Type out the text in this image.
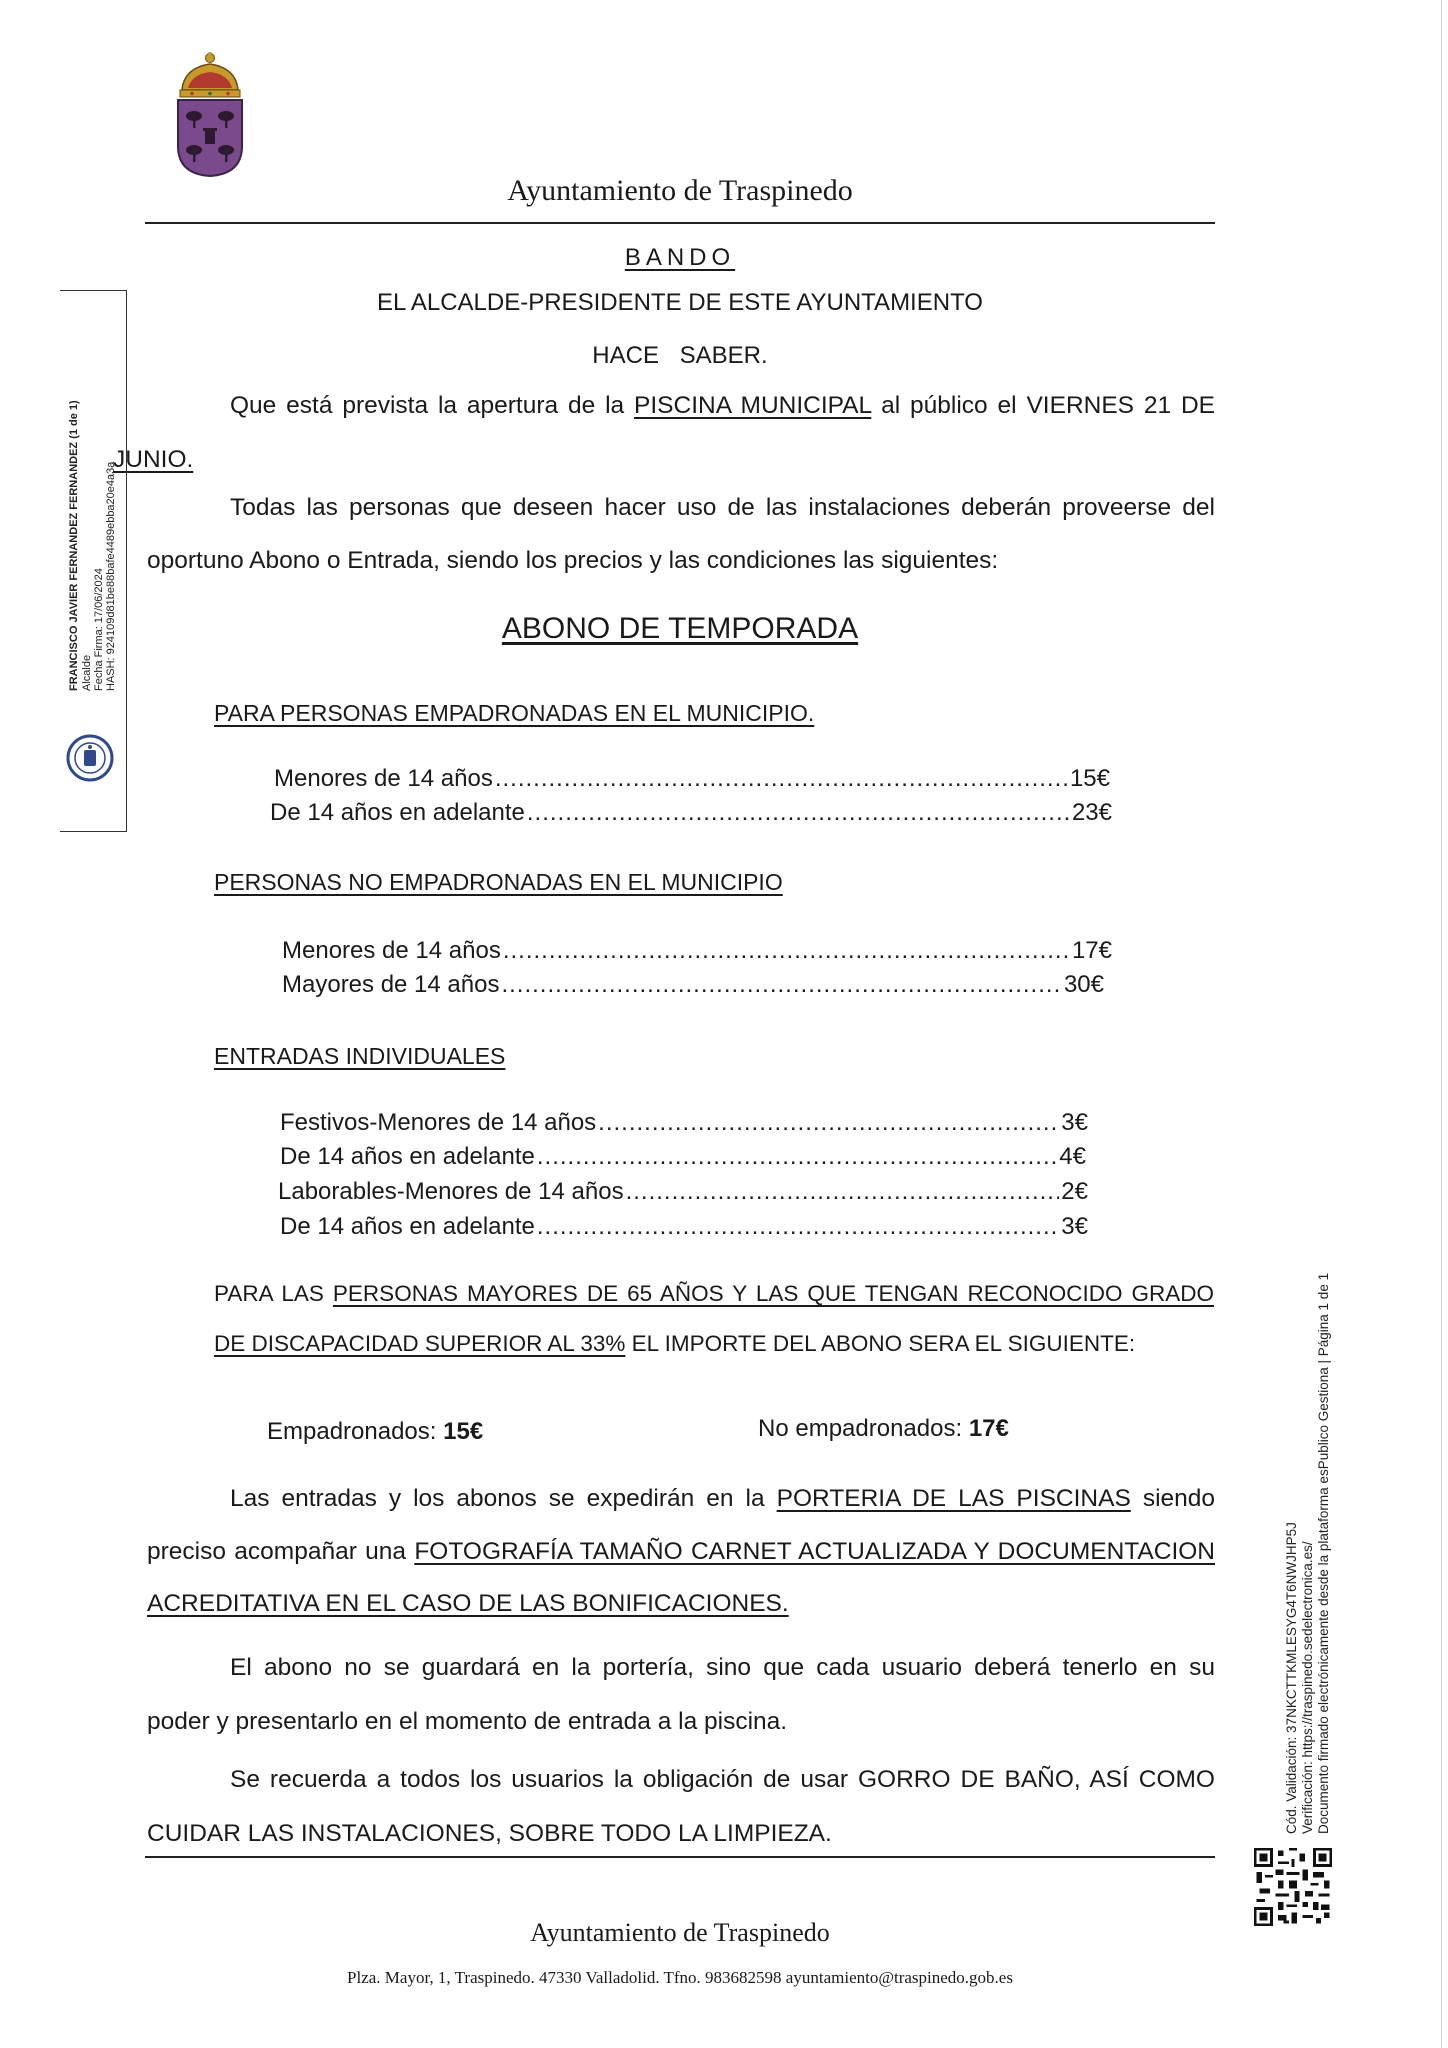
Ayuntamiento de Traspinedo
BANDO
EL ALCALDE-PRESIDENTE DE ESTE AYUNTAMIENTO
HACE SABER.
Que está prevista la apertura de la PISCINA MUNICIPAL al público el VIERNES 21 DE
JUNIO.
Todas las personas que deseen hacer uso de las instalaciones deberán proveerse del
oportuno Abono o Entrada, siendo los precios y las condiciones las siguientes:
ABONO DE TEMPORADA
PARA PERSONAS EMPADRONADAS EN EL MUNICIPIO.
Menores de 14 años .....	15€
De 14 años en adelante .....	23€
PERSONAS NO EMPADRONADAS EN EL MUNICIPIO
Menores de 14 años .....	17€
Mayores de 14 años .....	30€
ENTRADAS INDIVIDUALES
Festivos-Menores de 14 años .....	3€
De 14 años en adelante .....	4€
Laborables-Menores de 14 años .....	2€
De 14 años en adelante .....	3€
PARA LAS PERSONAS MAYORES DE 65 AÑOS Y LAS QUE TENGAN RECONOCIDO GRADO
DE DISCAPACIDAD SUPERIOR AL 33% EL IMPORTE DEL ABONO SERA EL SIGUIENTE:
Empadronados: 15€	No empadronados: 17€
Las entradas y los abonos se expedirán en la PORTERIA DE LAS PISCINAS siendo
preciso acompañar una FOTOGRAFÍA TAMAÑO CARNET ACTUALIZADA Y DOCUMENTACION
ACREDITATIVA EN EL CASO DE LAS BONIFICACIONES.
El abono no se guardará en la portería, sino que cada usuario deberá tenerlo en su
poder y presentarlo en el momento de entrada a la piscina.
Se recuerda a todos los usuarios la obligación de usar GORRO DE BAÑO, ASÍ COMO
CUIDAR LAS INSTALACIONES, SOBRE TODO LA LIMPIEZA.
Ayuntamiento de Traspinedo
Plza. Mayor, 1, Traspinedo. 47330 Valladolid. Tfno. 983682598 ayuntamiento@traspinedo.gob.es
FRANCISCO JAVIER FERNANDEZ FERNANDEZ (1 de 1) Alcalde Fecha Firma: 17/06/2024 HASH: 924109d81be88bafe4489ebba20e4a3a
Cód. Validación: 37NKCTTKMLESYG4T6NWJHP5J Verificación: https://traspinedo.sedelectronica.es/ Documento firmado electrónicamente desde la plataforma esPublico Gestiona | Página 1 de 1
